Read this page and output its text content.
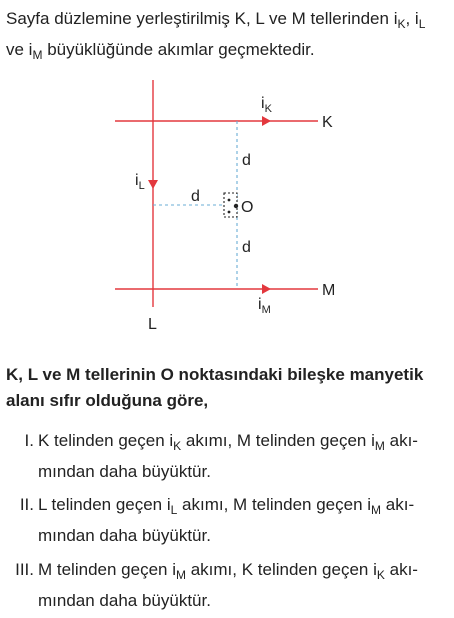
Sayfa düzlemine yerleştirilmiş K, L ve M tellerinden $i_K$, $i_L$
ve $i_M$ büyüklüğünde akımlar geçmektedir.
K
M
L
O
$i_K$
$i_M$
$i_L$
d
d
d
K, L ve M tellerinin O noktasındaki bileşke manyetik
alanı sıfır olduğuna göre,
I. K telinden geçen $i_K$ akımı, M telinden geçen $i_M$ akı-
mından daha büyüktür.
II. L telinden geçen $i_L$ akımı, M telinden geçen $i_M$ akı-
mından daha büyüktür.
III. M telinden geçen $i_M$ akımı, K telinden geçen $i_K$ akı-
mından daha büyüktür.
